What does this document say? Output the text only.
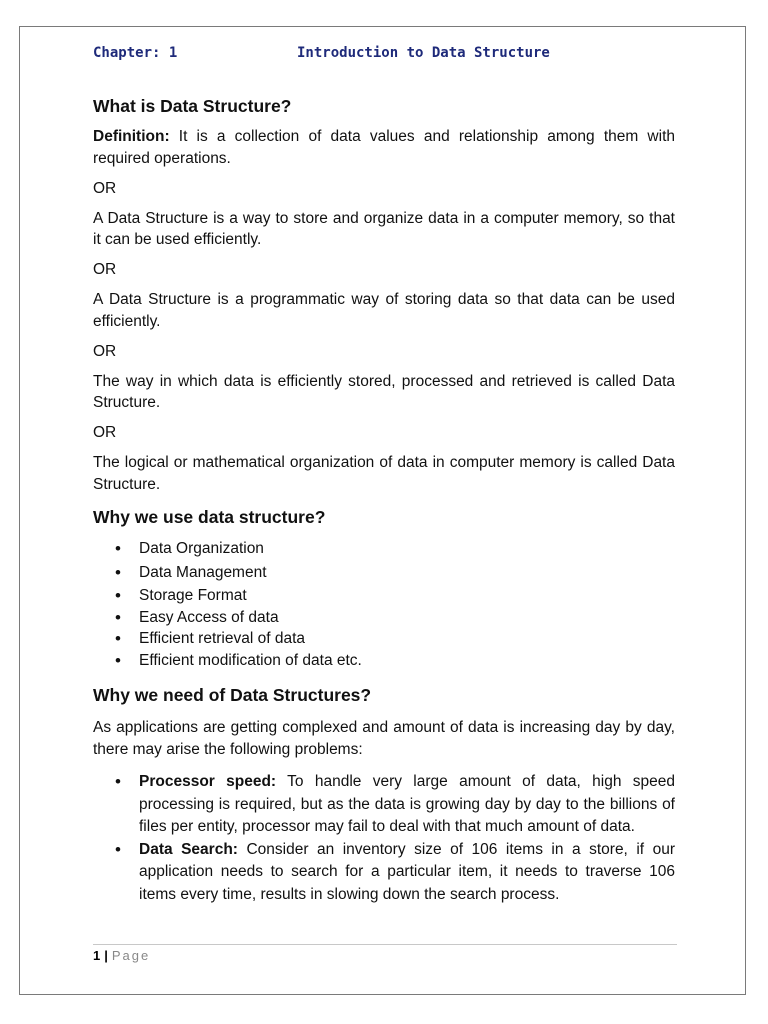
Chapter: 1	Introduction to Data Structure
What is Data Structure?

Definition: It is a collection of data values and relationship among them with required operations.

OR

A Data Structure is a way to store and organize data in a computer memory, so that it can be used efficiently.

OR

A Data Structure is a programmatic way of storing data so that data can be used efficiently.

OR

The way in which data is efficiently stored, processed and retrieved is called Data Structure.

OR

The logical or mathematical organization of data in computer memory is called Data Structure.

Why we use data structure?
• Data Organization
• Data Management
• Storage Format
• Easy Access of data
• Efficient retrieval of data
• Efficient modification of data etc.
Why we need of Data Structures?

As applications are getting complexed and amount of data is increasing day by day, there may arise the following problems:

• Processor speed: To handle very large amount of data, high speed processing is required, but as the data is growing day by day to the billions of files per entity, processor may fail to deal with that much amount of data.
• Data Search: Consider an inventory size of 106 items in a store, if our application needs to search for a particular item, it needs to traverse 106 items every time, results in slowing down the search process.
1 | Page
